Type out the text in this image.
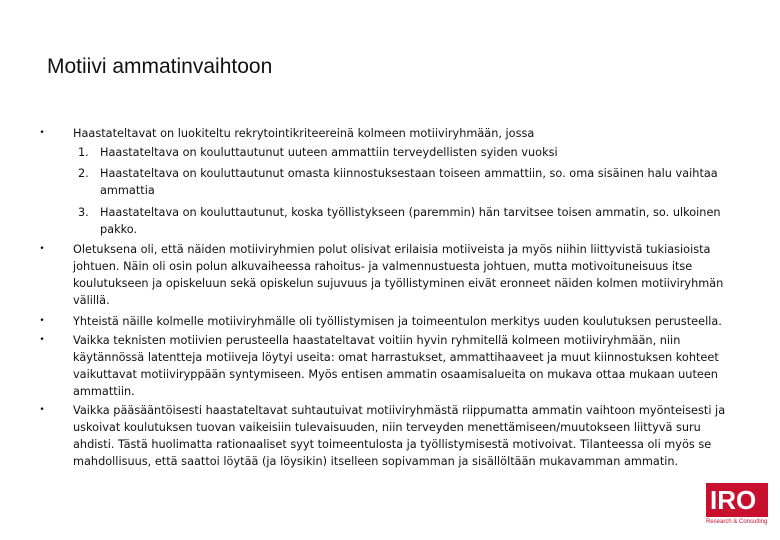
Motiivi ammatinvaihtoon
•	Haastateltavat on luokiteltu rekrytointikriteereinä kolmeen motiiviryhmään, jossa

1. Haastateltava on kouluttautunut uuteen ammattiin terveydellisten syiden vuoksi

2. Haastateltava on kouluttautunut omasta kiinnostuksestaan toiseen ammattiin, so. oma sisäinen halu vaihtaa ammattia

3. Haastateltava on kouluttautunut, koska työllistykseen (paremmin) hän tarvitsee toisen ammatin, so. ulkoinen pakko.

•	Oletuksena oli, että näiden motiiviryhmien polut olisivat erilaisia motiiveista ja myös niihin liittyvistä tukiasioista johtuen. Näin oli osin polun alkuvaiheessa rahoitus- ja valmennustuesta johtuen, mutta motivoituneisuus itse koulutukseen ja opiskeluun sekä opiskelun sujuvuus ja työllistyminen eivät eronneet näiden kolmen motiiviryhmän välillä.

•	Yhteistä näille kolmelle motiiviryhmälle oli työllistymisen ja toimeentulon merkitys uuden koulutuksen perusteella.

•	Vaikka teknisten motiivien perusteella haastateltavat voitiin hyvin ryhmitellä kolmeen motiiviryhmään, niin käytännössä latentteja motiiveja löytyi useita: omat harrastukset, ammattihaaveet ja muut kiinnostuksen kohteet vaikuttavat motiiviryppään syntymiseen. Myös entisen ammatin osaamisalueita on mukava ottaa mukaan uuteen ammattiin.

•	Vaikka pääsääntöisesti haastateltavat suhtautuivat motiiviryhmästä riippumatta ammatin vaihtoon myönteisesti ja uskoivat koulutuksen tuovan vaikeisiin tulevaisuuden, niin terveyden menettämiseen/muutokseen liittyvä suru ahdisti. Tästä huolimatta rationaaliset syyt toimeentulosta ja työllistymisestä motivoivat. Tilanteessa oli myös se mahdollisuus, että saattoi löytää (ja löysikin) itselleen sopivamman ja sisällöltään mukavamman ammatin.

IRO
Research & Consulting
